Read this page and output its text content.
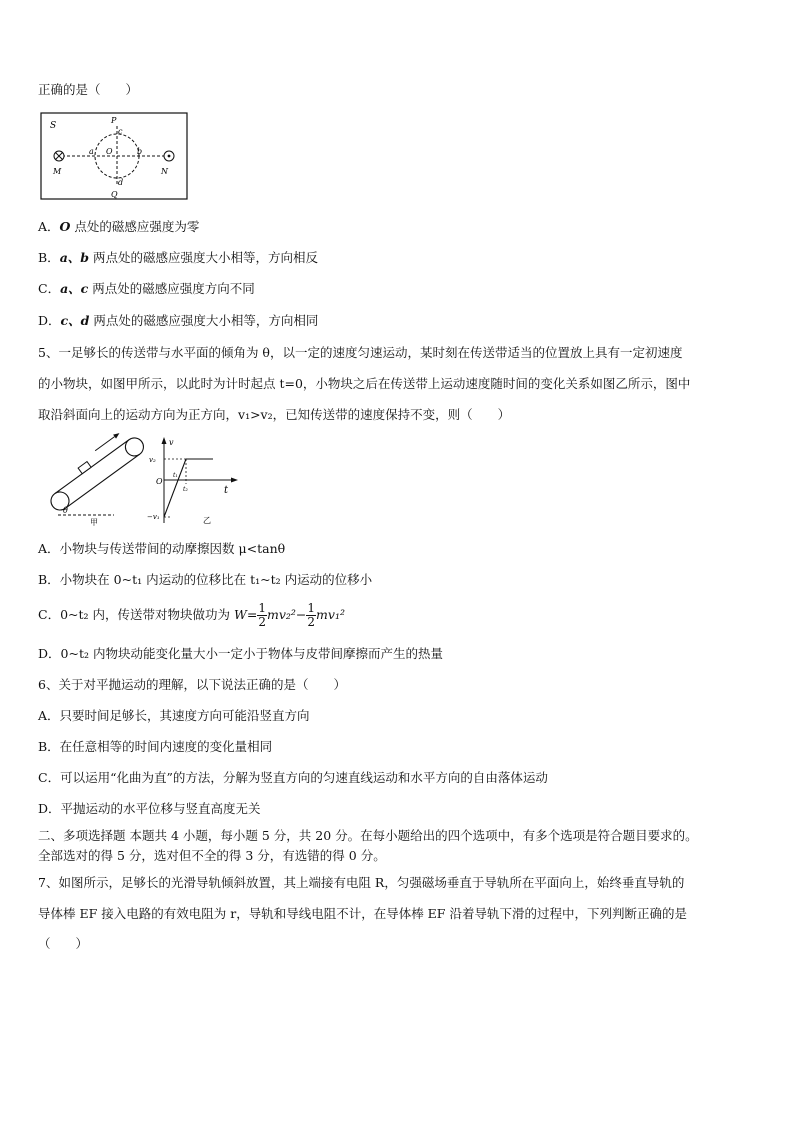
正确的是（　　）
S
P
c
O
a	b
M	N
d
Q
A．O 点处的磁感应强度为零
B．a、b 两点处的磁感应强度大小相等，方向相反
C．a、c 两点处的磁感应强度方向不同
D．c、d 两点处的磁感应强度大小相等，方向相同
5、一足够长的传送带与水平面的倾角为 θ，以一定的速度匀速运动，某时刻在传送带适当的位置放上具有一定初速度
的小物块，如图甲所示，以此时为计时起点 t=0，小物块之后在传送带上运动速度随时间的变化关系如图乙所示，图中
取沿斜面向上的运动方向为正方向，v₁>v₂，已知传送带的速度保持不变，则（　　）
θ
甲
v
v₂
t₁
t₂
O
t
−v₁	乙
A．小物块与传送带间的动摩擦因数 μ<tanθ
B．小物块在 0~t₁ 内运动的位移比在 t₁~t₂ 内运动的位移小
C．0~t₂ 内，传送带对物块做功为 $W= \frac{1}{2} mv_2^2- \frac{1}{2} mv_1^2$
D．0~t₂ 内物块动能变化量大小一定小于物体与皮带间摩擦而产生的热量
6、关于对平抛运动的理解，以下说法正确的是（　　）
A．只要时间足够长，其速度方向可能沿竖直方向
B．在任意相等的时间内速度的变化量相同
C．可以运用“化曲为直”的方法，分解为竖直方向的匀速直线运动和水平方向的自由落体运动
D．平抛运动的水平位移与竖直高度无关
二、多项选择题 本题共 4 小题，每小题 5 分，共 20 分。在每小题给出的四个选项中，有多个选项是符合题目要求的。
全部选对的得 5 分，选对但不全的得 3 分，有选错的得 0 分。
7、如图所示，足够长的光滑导轨倾斜放置，其上端接有电阻 R，匀强磁场垂直于导轨所在平面向上，始终垂直导轨的
导体棒 EF 接入电路的有效电阻为 r，导轨和导线电阻不计，在导体棒 EF 沿着导轨下滑的过程中，下列判断正确的是
（　　）
